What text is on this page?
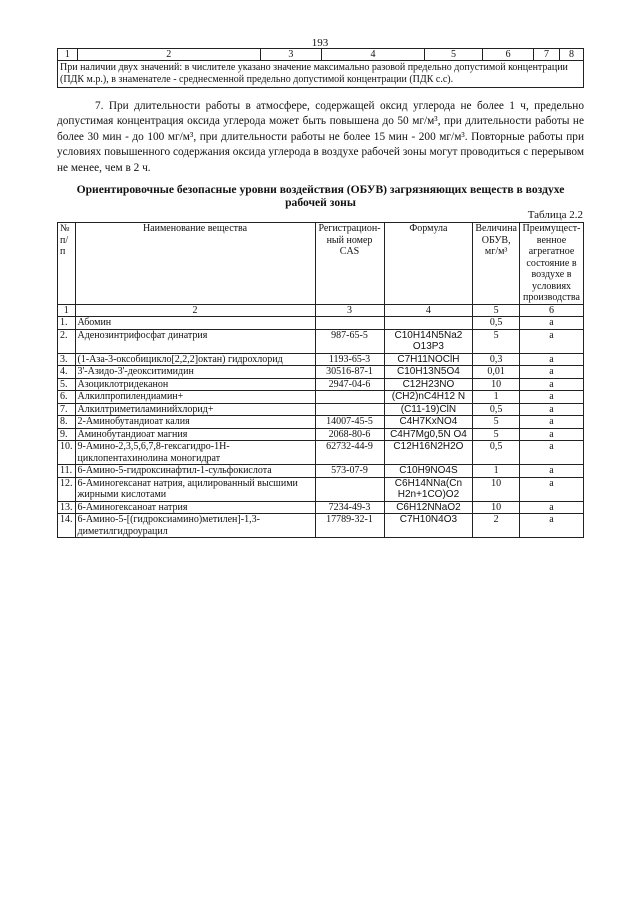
193
1	2	3	4	5	6	7	8
При наличии двух значений: в числителе указано значение максимально разовой предельно допустимой концентрации (ПДК м.р.), в знаменателе - среднесменной предельно допустимой концентрации (ПДК с.с).
7. При длительности работы в атмосфере, содержащей оксид углерода не более 1 ч, предельно допустимая концентрация оксида углерода может быть повышена до 50 мг/м³, при длительности работы не более 30 мин - до 100 мг/м³, при длительности работы не более 15 мин - 200 мг/м³. Повторные работы при условиях повышенного содержания оксида углерода в воздухе рабочей зоны могут проводиться с перерывом не менее, чем в 2 ч.
Ориентировочные безопасные уровни воздействия (ОБУВ) загрязняющих веществ в воздухе рабочей зоны
Таблица 2.2
№ п/п	Наименование вещества	Регистрацион-ный номер CAS	Формула	Величина ОБУВ, мг/м³	Преимущест-венное агрегатное состояние в воздухе в условиях производства
1	2	3	4	5	6
1.	Абомин			0,5	а
2.	Аденозинтрифосфат динатрия	987-65-5	C10H14N5Na2 O13P3	5	а
3.	(1-Аза-3-оксобицикло[2,2,2]октан) гидрохлорид	1193-65-3	C7H11NOClH	0,3	а
4.	3'-Азидо-3'-деокситимидин	30516-87-1	C10H13N5O4	0,01	а
5.	Азоциклотридеканон	2947-04-6	C12H23NO	10	а
6.	Алкилпропилендиамин+		(CH2)nC4H12 N	1	а
7.	Алкилтриметиламинийхлорид+		(C11-19)ClN	0,5	а
8.	2-Аминобутандиоат калия	14007-45-5	C4H7KxNO4	5	а
9.	Аминобутандиоат магния	2068-80-6	C4H7Mg0,5N O4	5	а
10.	9-Амино-2,3,5,6,7,8-гексагидро-1Н-циклопентахинолина моногидрат	62732-44-9	C12H16N2H2O	0,5	а
11.	6-Амино-5-гидроксинафтил-1-сульфокислота	573-07-9	C10H9NO4S	1	а
12.	6-Аминогексанат натрия, ацилированный высшими жирными кислотами		C6H14NNa(Cn H2n+1CO)O2	10	а
13.	6-Аминогексаноат натрия	7234-49-3	C6H12NNaO2	10	а
14.	6-Амино-5-[(гидроксиамино)метилен]-1,3- диметилгидроурацил	17789-32-1	C7H10N4O3	2	а
